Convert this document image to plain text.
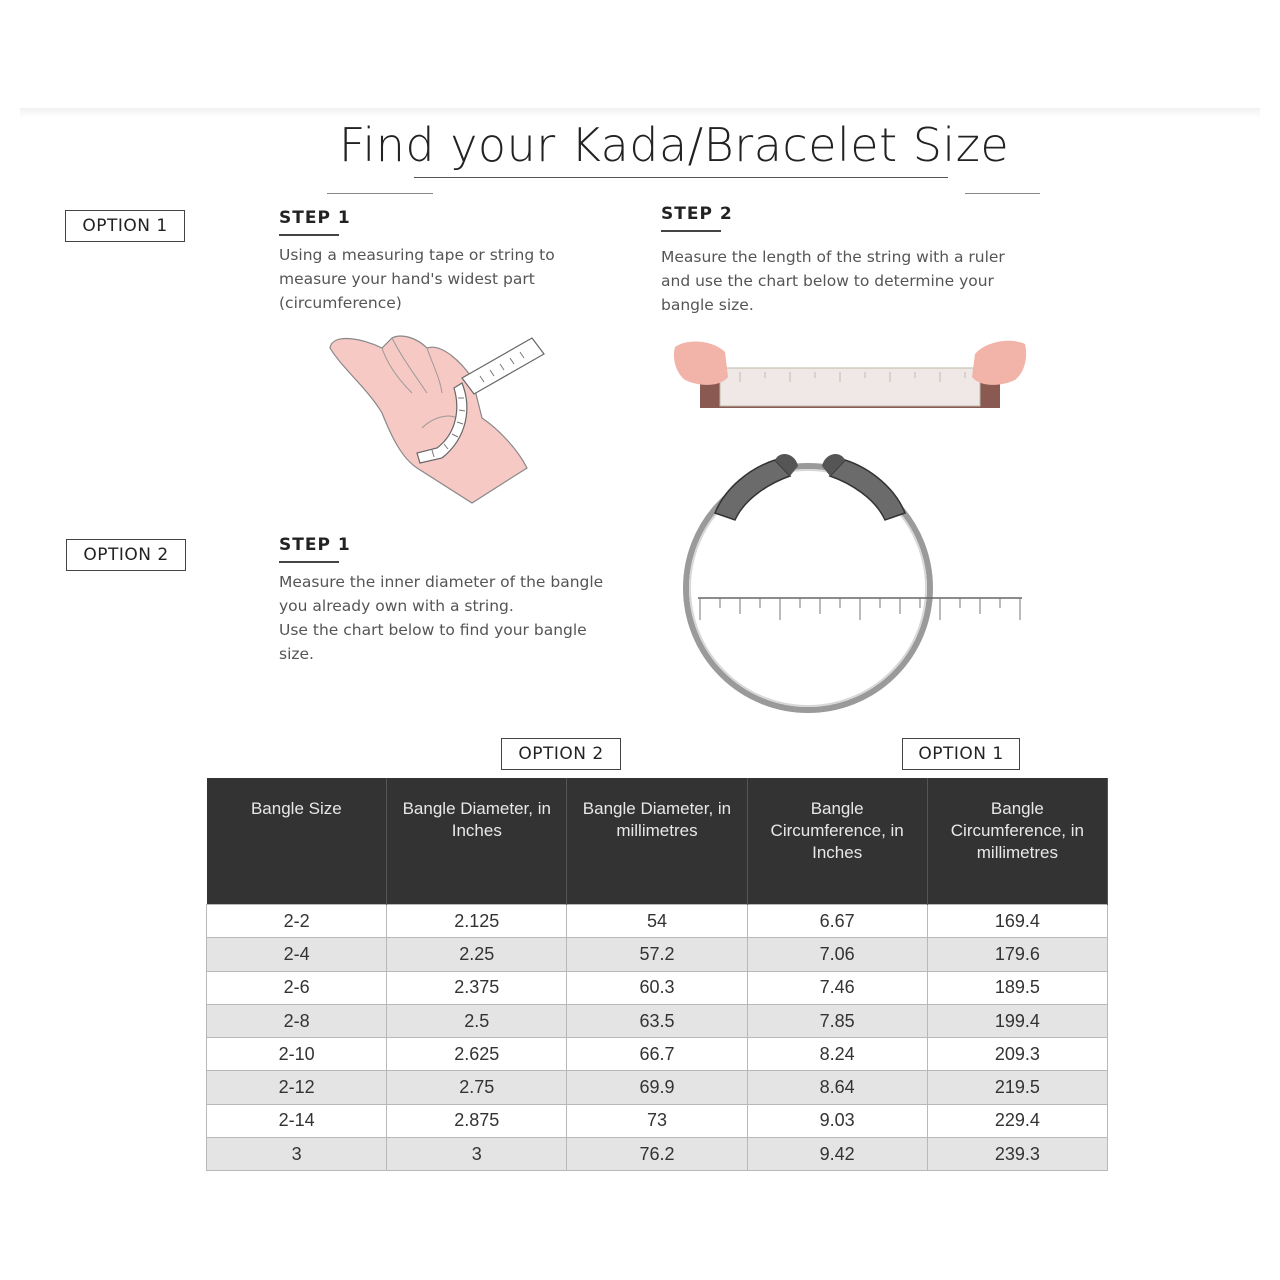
Find your Kada/Bracelet Size
OPTION 1	STEP 1
Using a measuring tape or string to
measure your hand's widest part
(circumference)
STEP 2
Measure the length of the string with a ruler
and use the chart below to determine your
bangle size.
OPTION 2	STEP 1
Measure the inner diameter of the bangle
you already own with a string.
Use the chart below to find your bangle
size.
OPTION 2	OPTION 1
Bangle Size	Bangle Diameter, in Inches	Bangle Diameter, in millimetres	Bangle Circumference, in Inches	Bangle Circumference, in millimetres
2-2	2.125	54	6.67	169.4
2-4	2.25	57.2	7.06	179.6
2-6	2.375	60.3	7.46	189.5
2-8	2.5	63.5	7.85	199.4
2-10	2.625	66.7	8.24	209.3
2-12	2.75	69.9	8.64	219.5
2-14	2.875	73	9.03	229.4
3	3	76.2	9.42	239.3
